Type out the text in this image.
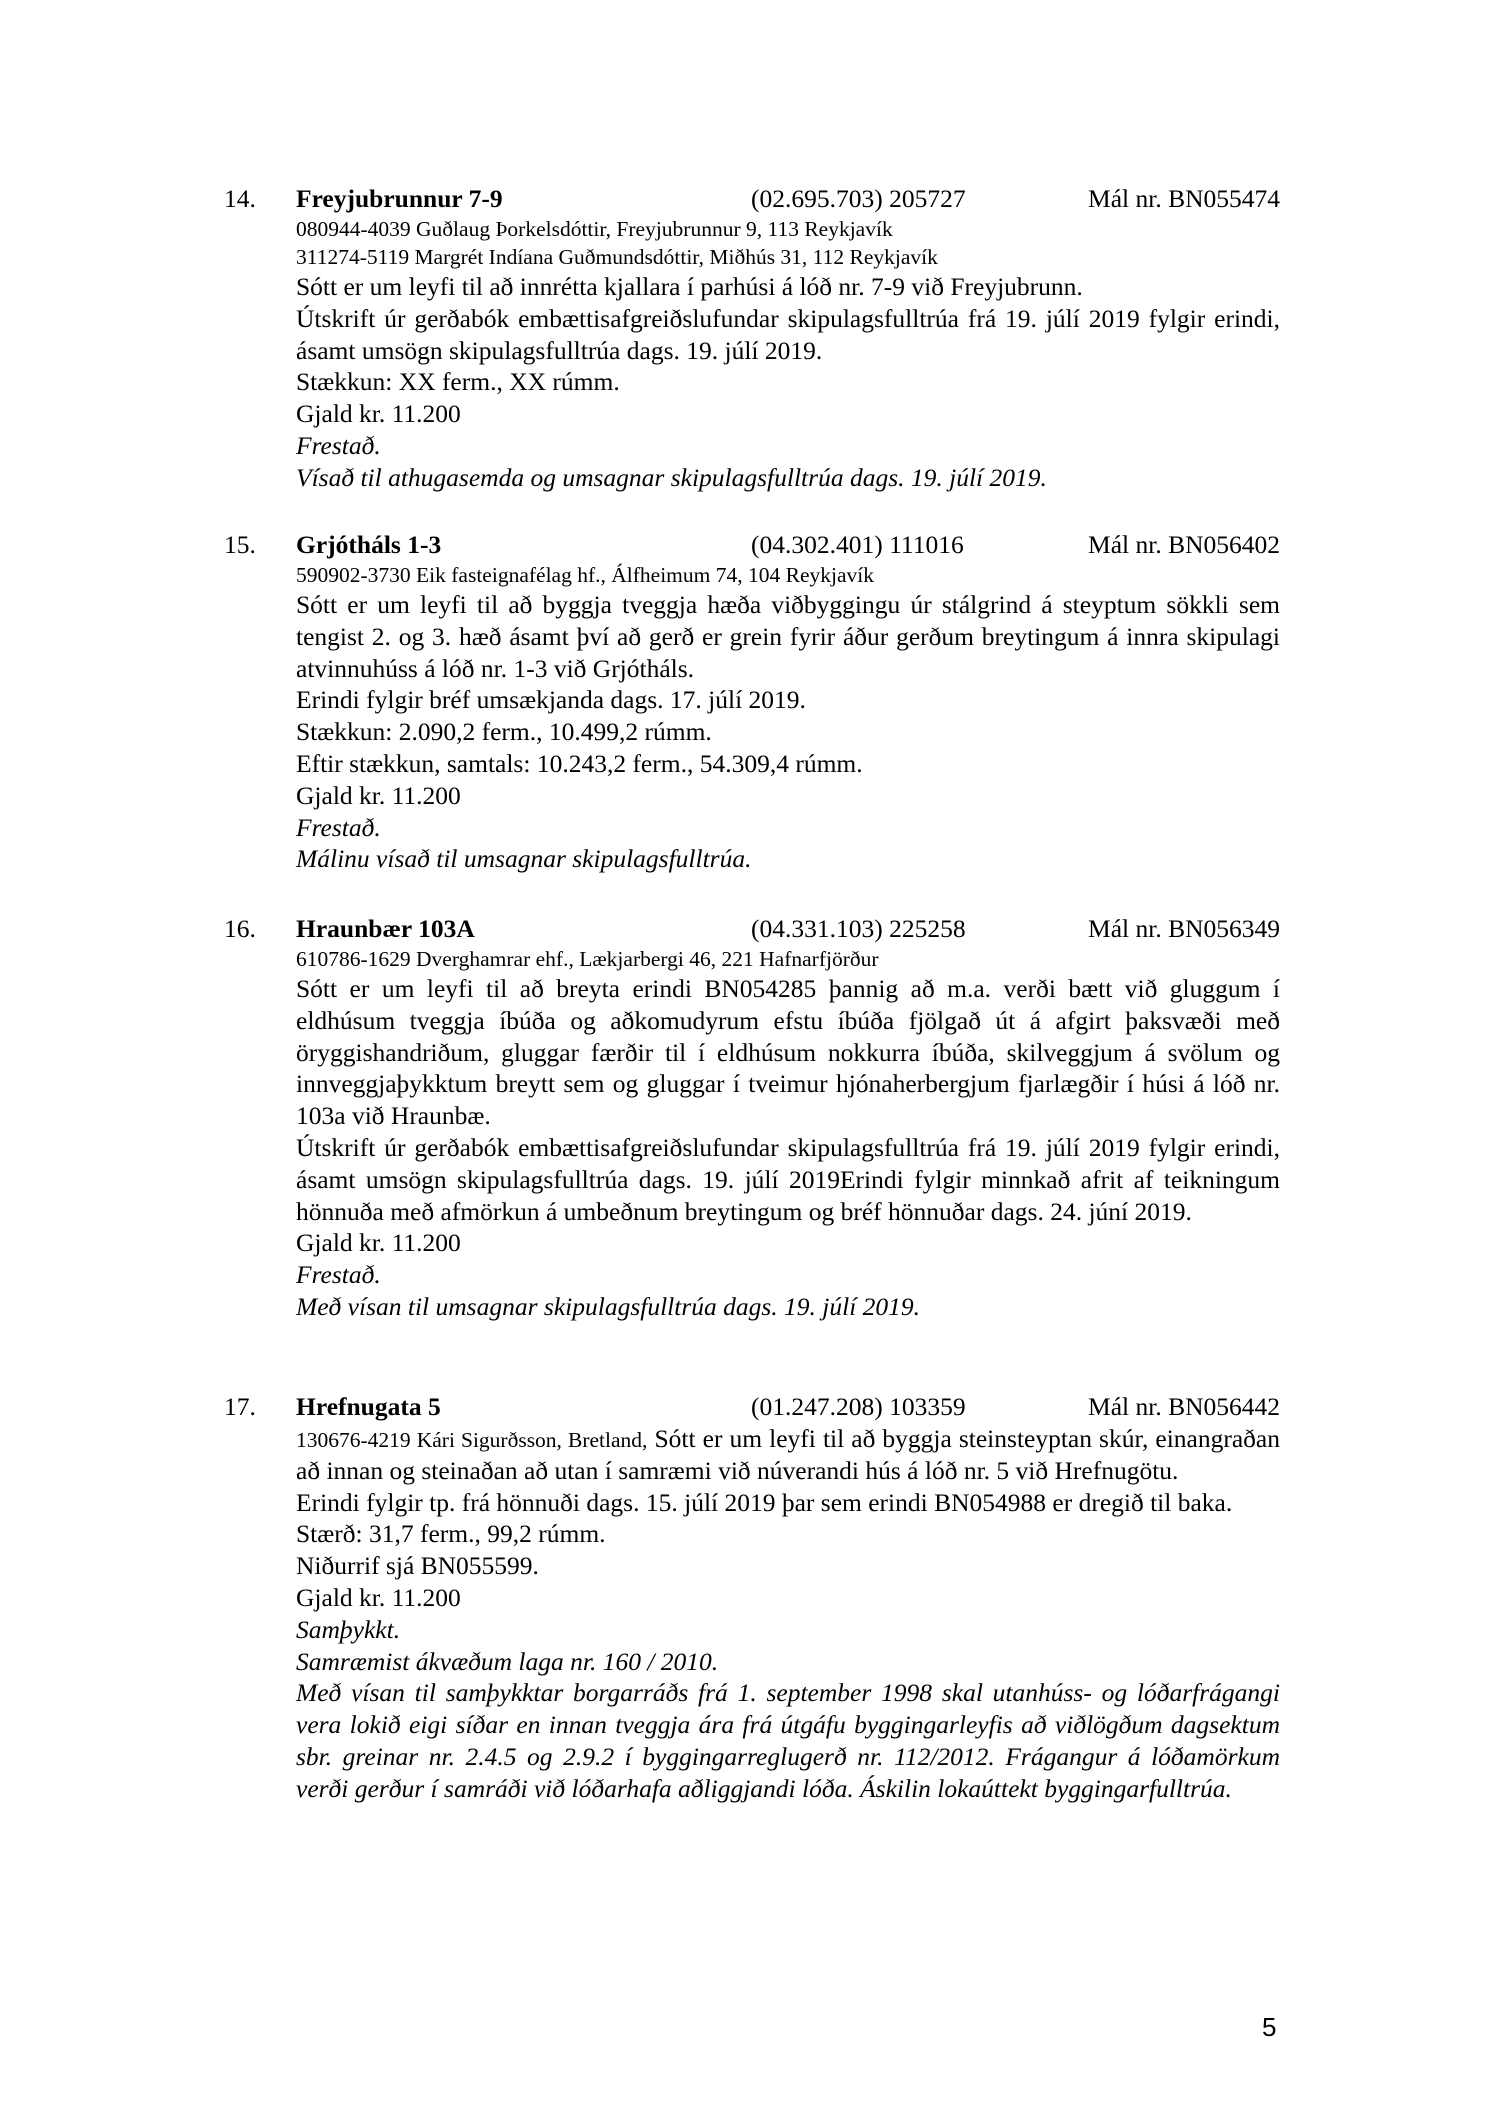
14. Freyjubrunnur 7-9	(02.695.703) 205727	Mál nr. BN055474
080944-4039 Guðlaug Þorkelsdóttir, Freyjubrunnur 9, 113 Reykjavík
311274-5119 Margrét Indíana Guðmundsdóttir, Miðhús 31, 112 Reykjavík
Sótt er um leyfi til að innrétta kjallara í parhúsi á lóð nr. 7-9 við Freyjubrunn.
Útskrift úr gerðabók embættisafgreiðslufundar skipulagsfulltrúa frá 19. júlí 2019 fylgir erindi, ásamt umsögn skipulagsfulltrúa dags. 19. júlí 2019.
Stækkun: XX ferm., XX rúmm.
Gjald kr. 11.200
Frestað.
Vísað til athugasemda og umsagnar skipulagsfulltrúa dags. 19. júlí 2019.
15. Grjótháls 1-3	(04.302.401) 111016	Mál nr. BN056402
590902-3730 Eik fasteignafélag hf., Álfheimum 74, 104 Reykjavík
Sótt er um leyfi til að byggja tveggja hæða viðbyggingu úr stálgrind á steyptum sökkli sem tengist 2. og 3. hæð ásamt því að gerð er grein fyrir áður gerðum breytingum á innra skipulagi atvinnuhúss á lóð nr. 1-3 við Grjótháls.
Erindi fylgir bréf umsækjanda dags. 17. júlí 2019.
Stækkun: 2.090,2 ferm., 10.499,2 rúmm.
Eftir stækkun, samtals: 10.243,2 ferm., 54.309,4 rúmm.
Gjald kr. 11.200
Frestað.
Málinu vísað til umsagnar skipulagsfulltrúa.
16. Hraunbær 103A	(04.331.103) 225258	Mál nr. BN056349
610786-1629 Dverghamrar ehf., Lækjarbergi 46, 221 Hafnarfjörður
Sótt er um leyfi til að breyta erindi BN054285 þannig að m.a. verði bætt við gluggum í eldhúsum tveggja íbúða og aðkomudyrum efstu íbúða fjölgað út á afgirt þaksvæði með öryggishandriðum, gluggar færðir til í eldhúsum nokkurra íbúða, skilveggjum á svölum og innveggjaþykktum breytt sem og gluggar í tveimur hjónaherbergjum fjarlægðir í húsi á lóð nr. 103a við Hraunbæ.
Útskrift úr gerðabók embættisafgreiðslufundar skipulagsfulltrúa frá 19. júlí 2019 fylgir erindi, ásamt umsögn skipulagsfulltrúa dags. 19. júlí 2019Erindi fylgir minnkað afrit af teikningum hönnuða með afmörkun á umbeðnum breytingum og bréf hönnuðar dags. 24. júní 2019.
Gjald kr. 11.200
Frestað.
Með vísan til umsagnar skipulagsfulltrúa dags. 19. júlí 2019.
17. Hrefnugata 5	(01.247.208) 103359	Mál nr. BN056442
130676-4219 Kári Sigurðsson, Bretland, Sótt er um leyfi til að byggja steinsteyptan skúr, einangraðan að innan og steinaðan að utan í samræmi við núverandi hús á lóð nr. 5 við Hrefnugötu.
Erindi fylgir tp. frá hönnuði dags. 15. júlí 2019 þar sem erindi BN054988 er dregið til baka.
Stærð: 31,7 ferm., 99,2 rúmm.
Niðurrif sjá BN055599.
Gjald kr. 11.200
Samþykkt.
Samræmist ákvæðum laga nr. 160 / 2010.
Með vísan til samþykktar borgarráðs frá 1. september 1998 skal utanhúss- og lóðarfrágangi vera lokið eigi síðar en innan tveggja ára frá útgáfu byggingarleyfis að viðlögðum dagsektum sbr. greinar nr. 2.4.5 og 2.9.2 í byggingarreglugerð nr. 112/2012. Frágangur á lóðamörkum verði gerður í samráði við lóðarhafa aðliggjandi lóða. Áskilin lokaúttekt byggingarfulltrúa.
5
